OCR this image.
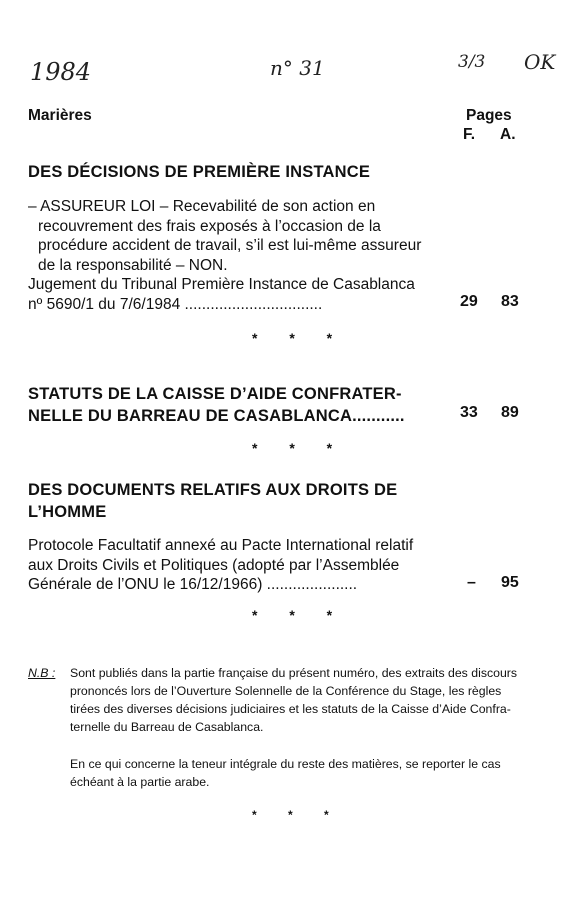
1984	n° 31	3/3 OK
Marières	Pages
F. A.
DES DÉCISIONS DE PREMIÈRE INSTANCE
– ASSUREUR LOI – Recevabilité de son action en
recouvrement des frais exposés à l’occasion de la
procédure accident de travail, s’il est lui-même assureur
de la responsabilité – NON.
Jugement du Tribunal Première Instance de Casablanca
nº 5690/1 du 7/6/1984 ................................	29 83
* * *
STATUTS DE LA CAISSE D’AIDE CONFRATER-
NELLE DU BARREAU DE CASABLANCA...........	33 89
* * *
DES DOCUMENTS RELATIFS AUX DROITS DE
L’HOMME
Protocole Facultatif annexé au Pacte International relatif
aux Droits Civils et Politiques (adopté par l’Assemblée
Générale de l’ONU le 16/12/1966) .....................	– 95
* * *
N.B : Sont publiés dans la partie française du présent numéro, des extraits des discours
prononcés lors de l’Ouverture Solennelle de la Conférence du Stage, les règles
tirées des diverses décisions judiciaires et les statuts de la Caisse d’Aide Confra-
ternelle du Barreau de Casablanca.
En ce qui concerne la teneur intégrale du reste des matières, se reporter le cas
échéant à la partie arabe.
* * *
